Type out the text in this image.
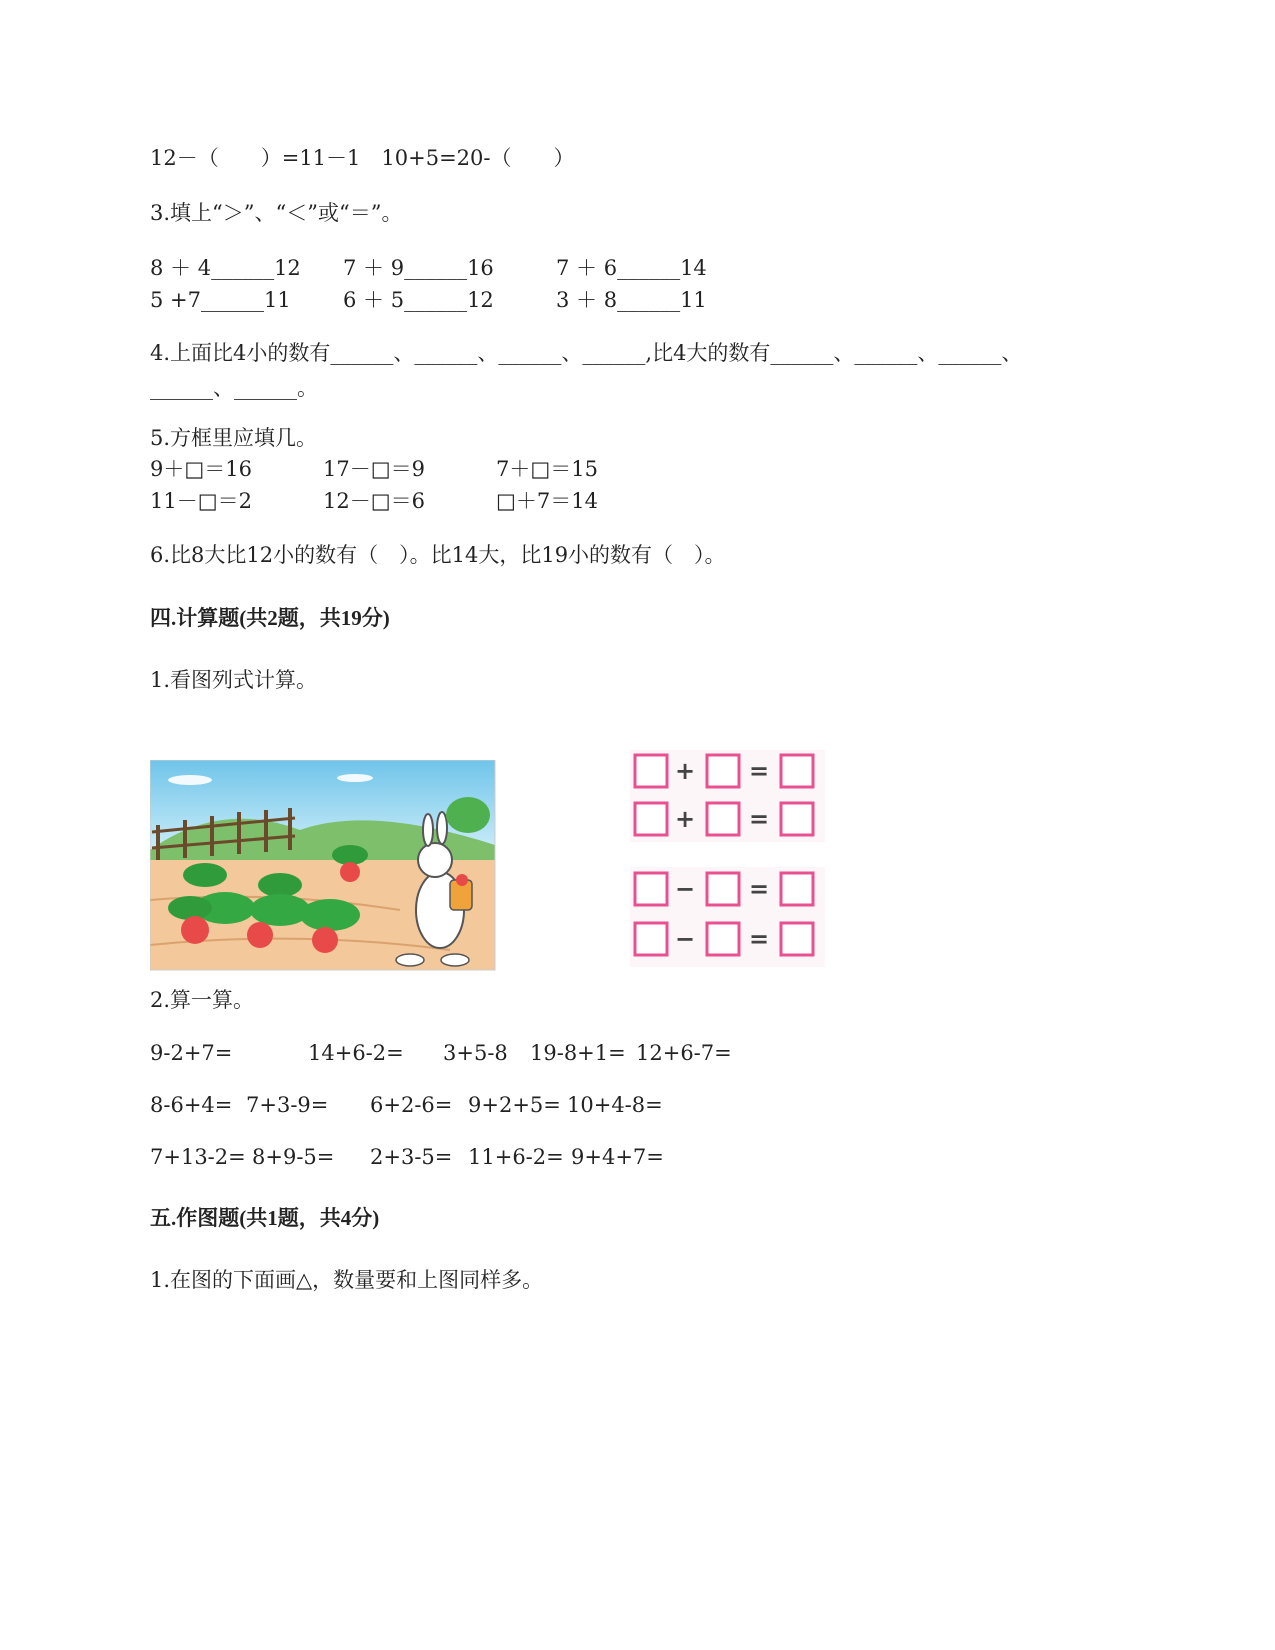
12－（　　）=11－1　10+5=20-（　　）
3.填上“＞”、“＜”或“＝”。
8 ＋ 4______12 7 ＋ 9______16	7 ＋ 6______14
5 +7______11 6 ＋ 5______12	3 ＋ 8______11
4.上面比4小的数有______、______、______、______,比4大的数有______、______、______、
______、______。
5.方框里应填几。
9＋□＝16	17－□＝9	7＋□＝15
11－□＝2	12－□＝6	□＋7＝14
6.比8大比12小的数有（　）。比14大，比19小的数有（　）。
四.计算题(共2题，共19分)
1.看图列式计算。
+ =
+ =
− =
− =
2.算一算。
9-2+7=	14+6-2= 3+5-8 19-8+1= 12+6-7=
8-6+4= 7+3-9= 6+2-6= 9+2+5= 10+4-8=
7+13-2= 8+9-5= 2+3-5= 11+6-2= 9+4+7=
五.作图题(共1题，共4分)
1.在图的下面画△，数量要和上图同样多。
